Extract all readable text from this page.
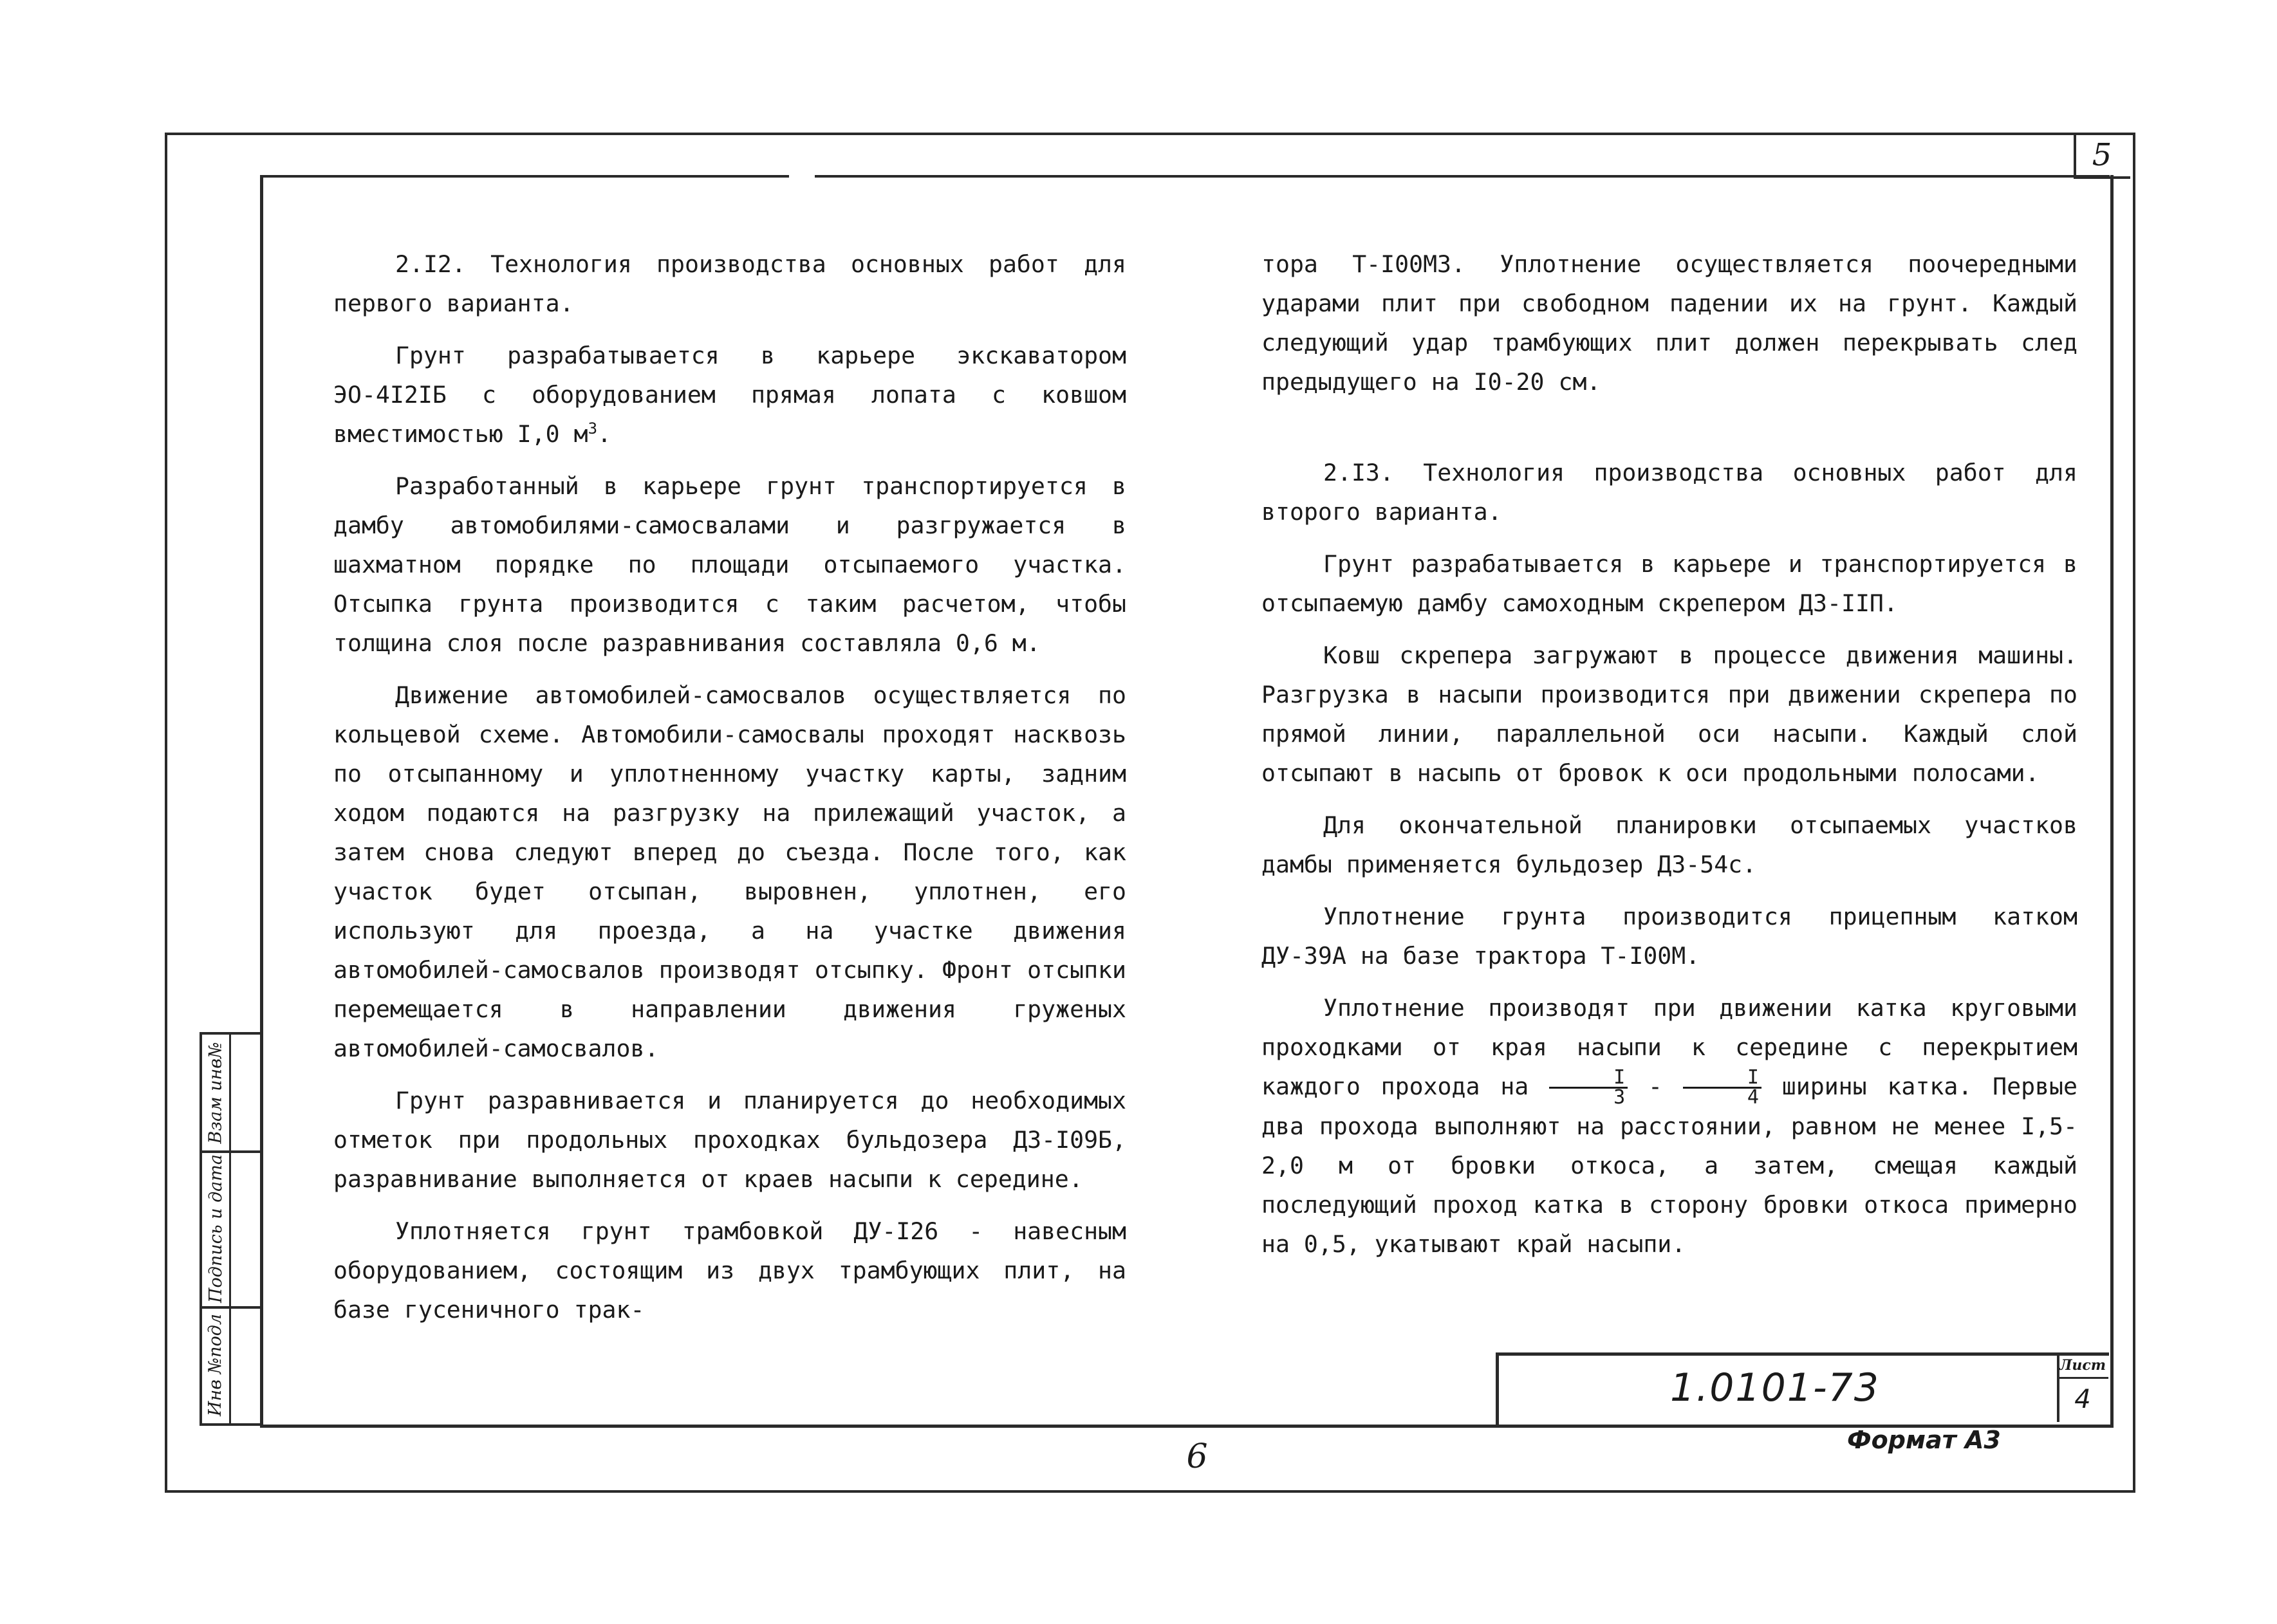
5

2.I2. Технология производства основных работ для первого варианта.

Грунт разрабатывается в карьере экскаватором ЭО-4I2IБ с оборудованием прямая лопата с ковшом вместимостью I,0 $м^3$.

Разработанный в карьере грунт транспортируется в дамбу автомобилями-самосвалами и разгружается в шахматном порядке по площади отсыпаемого участка. Отсыпка грунта производится с таким расчетом, чтобы толщина слоя после разравнивания составляла 0,6 м.

Движение автомобилей-самосвалов осуществляется по кольцевой схеме. Автомобили-самосвалы проходят насквозь по отсыпанному и уплотненному участку карты, задним ходом подаются на разгрузку на прилежащий участок, а затем снова следуют вперед до съезда. После того, как участок будет отсыпан, выровнен, уплотнен, его используют для проезда, а на участке движения автомобилей-самосвалов производят отсыпку. Фронт отсыпки перемещается в направлении движения груженых автомобилей-самосвалов.

Грунт разравнивается и планируется до необходимых отметок при продольных проходках бульдозера ДЗ-I09Б, разравнивание выполняется от краев насыпи к середине.

Уплотняется грунт трамбовкой ДУ-I26 - навесным оборудованием, состоящим из двух трамбующих плит, на базе гусеничного трак-

тора Т-I00МЗ. Уплотнение осуществляется поочередными ударами плит при свободном падении их на грунт. Каждый следующий удар трамбующих плит должен перекрывать след предыдущего на I0-20 см.

2.I3. Технология производства основных работ для второго варианта.

Грунт разрабатывается в карьере и транспортируется в отсыпаемую дамбу самоходным скрепером ДЗ-IIП.

Ковш скрепера загружают в процессе движения машины. Разгрузка в насыпи производится при движении скрепера по прямой линии, параллельной оси насыпи. Каждый слой отсыпают в насыпь от бровок к оси продольными полосами.

Для окончательной планировки отсыпаемых участков дамбы применяется бульдозер ДЗ-54с.

Уплотнение грунта производится прицепным катком ДУ-39А на базе трактора Т-I00М.

Уплотнение производят при движении катка круговыми проходками от края насыпи к середине с перекрытием каждого прохода на $\frac{I}{3} - \frac{I}{4}$ ширины катка. Первые два прохода выполняют на расстоянии, равном не менее I,5-2,0 м от бровки откоса, а затем, смещая каждый последующий проход катка в сторону бровки откоса примерно на 0,5, укатывают край насыпи.

Взам инв№
Подпись и дата
Инв №подл	1.0101-73	Лист
4
6	Формат А3
